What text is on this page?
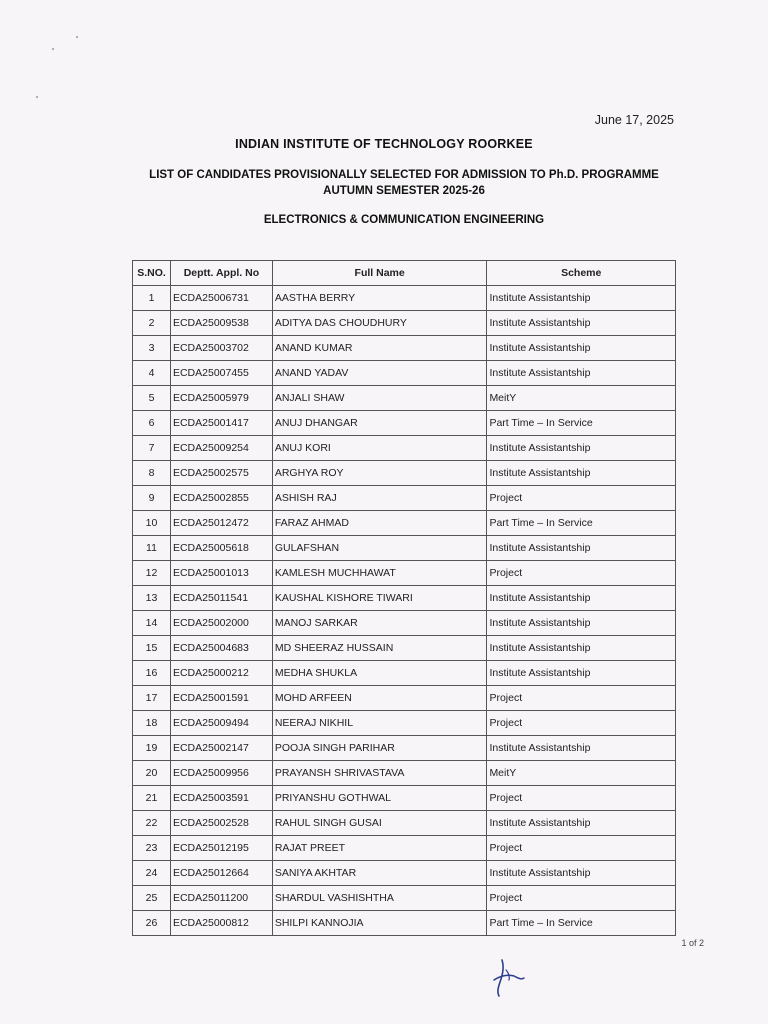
June 17, 2025
INDIAN INSTITUTE OF TECHNOLOGY ROORKEE
LIST OF CANDIDATES PROVISIONALLY SELECTED FOR ADMISSION TO Ph.D. PROGRAMME
AUTUMN SEMESTER 2025-26
ELECTRONICS & COMMUNICATION ENGINEERING
S.NO.	Deptt. Appl. No	Full Name	Scheme
1	ECDA25006731	AASTHA BERRY	Institute Assistantship
2	ECDA25009538	ADITYA DAS CHOUDHURY	Institute Assistantship
3	ECDA25003702	ANAND KUMAR	Institute Assistantship
4	ECDA25007455	ANAND YADAV	Institute Assistantship
5	ECDA25005979	ANJALI SHAW	MeitY
6	ECDA25001417	ANUJ DHANGAR	Part Time – In Service
7	ECDA25009254	ANUJ KORI	Institute Assistantship
8	ECDA25002575	ARGHYA ROY	Institute Assistantship
9	ECDA25002855	ASHISH RAJ	Project
10	ECDA25012472	FARAZ AHMAD	Part Time – In Service
11	ECDA25005618	GULAFSHAN	Institute Assistantship
12	ECDA25001013	KAMLESH MUCHHAWAT	Project
13	ECDA25011541	KAUSHAL KISHORE TIWARI	Institute Assistantship
14	ECDA25002000	MANOJ SARKAR	Institute Assistantship
15	ECDA25004683	MD SHEERAZ HUSSAIN	Institute Assistantship
16	ECDA25000212	MEDHA SHUKLA	Institute Assistantship
17	ECDA25001591	MOHD ARFEEN	Project
18	ECDA25009494	NEERAJ NIKHIL	Project
19	ECDA25002147	POOJA SINGH PARIHAR	Institute Assistantship
20	ECDA25009956	PRAYANSH SHRIVASTAVA	MeitY
21	ECDA25003591	PRIYANSHU GOTHWAL	Project
22	ECDA25002528	RAHUL SINGH GUSAI	Institute Assistantship
23	ECDA25012195	RAJAT PREET	Project
24	ECDA25012664	SANIYA AKHTAR	Institute Assistantship
25	ECDA25011200	SHARDUL VASHISHTHA	Project
26	ECDA25000812	SHILPI KANNOJIA	Part Time – In Service
1 of 2
